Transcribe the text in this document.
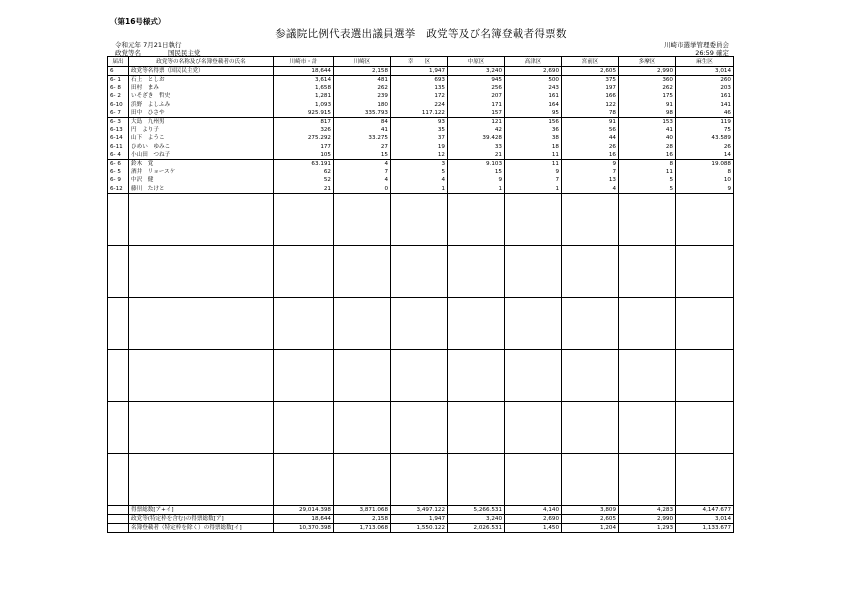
（第16号様式）
参議院比例代表選出議員選挙　政党等及び名簿登載者得票数
令和元年 7月21日執行
政党等名	国民民主党
川崎市選挙管理委員会
26:59 確定
届出	政党等の名称及び名簿登載者の氏名	川崎市・計	川崎区	幸　　区	中原区	高津区	宮前区	多摩区	麻生区
6	政党等名得票（国民民主党）	18,644	2,158	1,947	3,240	2,690	2,605	2,990	3,014
6- 1	石上　としお	3,614	481	693	945	500	375	360	260
6- 8	田村　まみ	1,658	262	135	256	243	197	262	203
6- 2	いそざき　哲史	1,281	239	172	207	161	166	175	161
6-10	浜野　よしふみ	1,093	180	224	171	164	122	91	141
6- 7	田中　ひさや	925.915	335.793	117.122	157	95	78	98	46
6- 3	大島　九州男	817	84	93	121	156	91	153	119
6-13	円　より子	326	41	35	42	36	56	41	75
6-14	山下　ようこ	275.292	33.275	37	39.428	38	44	40	43.589
6-11	ひめい　ゆみこ	177	27	19	33	18	26	28	26
6- 4	小山田　つね子	105	15	12	21	11	16	16	14
6- 6	鈴木　覚	63.191	4	3	9.103	11	9	8	19.088
6- 5	酒井　リョースケ	62	7	5	15	9	7	11	8
6- 9	中沢　健	52	4	4	9	7	13	5	10
6-12	藤川　たけと	21	0	1	1	1	4	5	9

	得票総数[ア+イ]	29,014.398	3,871.068	3,497.122	5,266.531	4,140	3,809	4,283	4,147.677
	政党等(特定枠を含む)の得票総数[ア]	18,644	2,158	1,947	3,240	2,690	2,605	2,990	3,014
	名簿登載者（特定枠を除く）の得票総数[イ]	10,370.398	1,713.068	1,550.122	2,026.531	1,450	1,204	1,293	1,133.677
